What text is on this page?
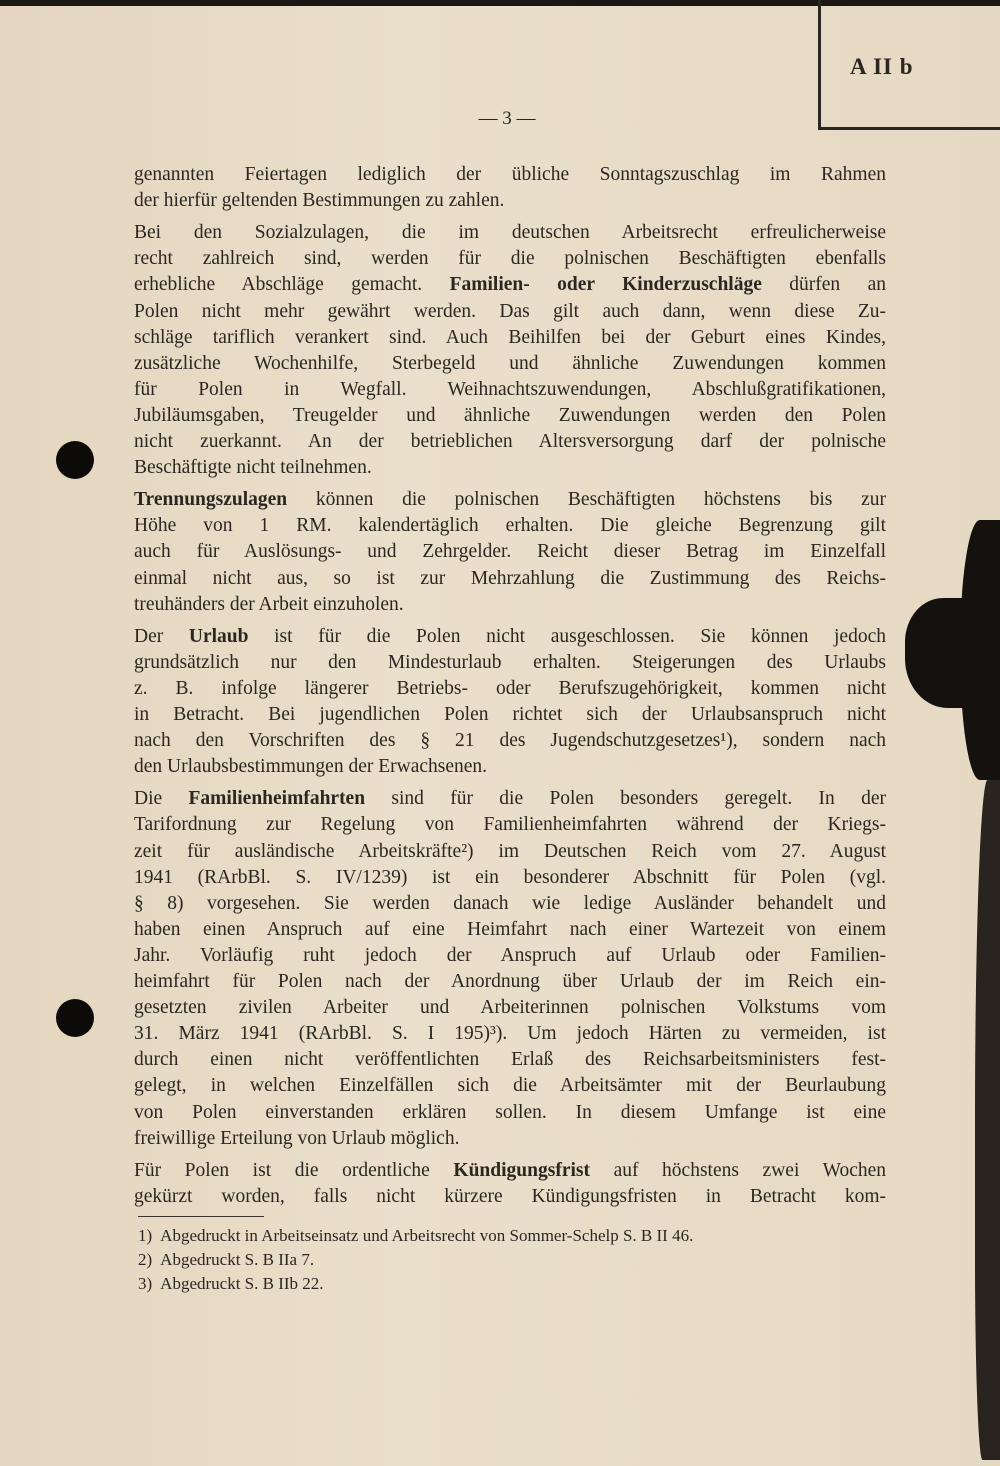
A II b
— 3 —
genannten Feiertagen lediglich der übliche Sonntagszuschlag im Rahmen
der hierfür geltenden Bestimmungen zu zahlen.
Bei den Sozialzulagen, die im deutschen Arbeitsrecht erfreulicherweise
recht zahlreich sind, werden für die polnischen Beschäftigten ebenfalls
erhebliche Abschläge gemacht. Familien- oder Kinderzuschläge dürfen an
Polen nicht mehr gewährt werden. Das gilt auch dann, wenn diese Zu-
schläge tariflich verankert sind. Auch Beihilfen bei der Geburt eines Kindes,
zusätzliche Wochenhilfe, Sterbegeld und ähnliche Zuwendungen kommen
für Polen in Wegfall. Weihnachtszuwendungen, Abschlußgratifikationen,
Jubiläumsgaben, Treugelder und ähnliche Zuwendungen werden den Polen
nicht zuerkannt. An der betrieblichen Altersversorgung darf der polnische
Beschäftigte nicht teilnehmen.
Trennungszulagen können die polnischen Beschäftigten höchstens bis zur
Höhe von 1 RM. kalendertäglich erhalten. Die gleiche Begrenzung gilt
auch für Auslösungs- und Zehrgelder. Reicht dieser Betrag im Einzelfall
einmal nicht aus, so ist zur Mehrzahlung die Zustimmung des Reichs-
treuhänders der Arbeit einzuholen.
Der Urlaub ist für die Polen nicht ausgeschlossen. Sie können jedoch
grundsätzlich nur den Mindesturlaub erhalten. Steigerungen des Urlaubs
z. B. infolge längerer Betriebs- oder Berufszugehörigkeit, kommen nicht
in Betracht. Bei jugendlichen Polen richtet sich der Urlaubsanspruch nicht
nach den Vorschriften des § 21 des Jugendschutzgesetzes¹), sondern nach
den Urlaubsbestimmungen der Erwachsenen.
Die Familienheimfahrten sind für die Polen besonders geregelt. In der
Tarifordnung zur Regelung von Familienheimfahrten während der Kriegs-
zeit für ausländische Arbeitskräfte²) im Deutschen Reich vom 27. August
1941 (RArbBl. S. IV/1239) ist ein besonderer Abschnitt für Polen (vgl.
§ 8) vorgesehen. Sie werden danach wie ledige Ausländer behandelt und
haben einen Anspruch auf eine Heimfahrt nach einer Wartezeit von einem
Jahr. Vorläufig ruht jedoch der Anspruch auf Urlaub oder Familien-
heimfahrt für Polen nach der Anordnung über Urlaub der im Reich ein-
gesetzten zivilen Arbeiter und Arbeiterinnen polnischen Volkstums vom
31. März 1941 (RArbBl. S. I 195)³). Um jedoch Härten zu vermeiden, ist
durch einen nicht veröffentlichten Erlaß des Reichsarbeitsministers fest-
gelegt, in welchen Einzelfällen sich die Arbeitsämter mit der Beurlaubung
von Polen einverstanden erklären sollen. In diesem Umfange ist eine
freiwillige Erteilung von Urlaub möglich.
Für Polen ist die ordentliche Kündigungsfrist auf höchstens zwei Wochen
gekürzt worden, falls nicht kürzere Kündigungsfristen in Betracht kom-
1) Abgedruckt in Arbeitseinsatz und Arbeitsrecht von Sommer-Schelp S. B II 46.
2) Abgedruckt S. B IIa 7.
3) Abgedruckt S. B IIb 22.
